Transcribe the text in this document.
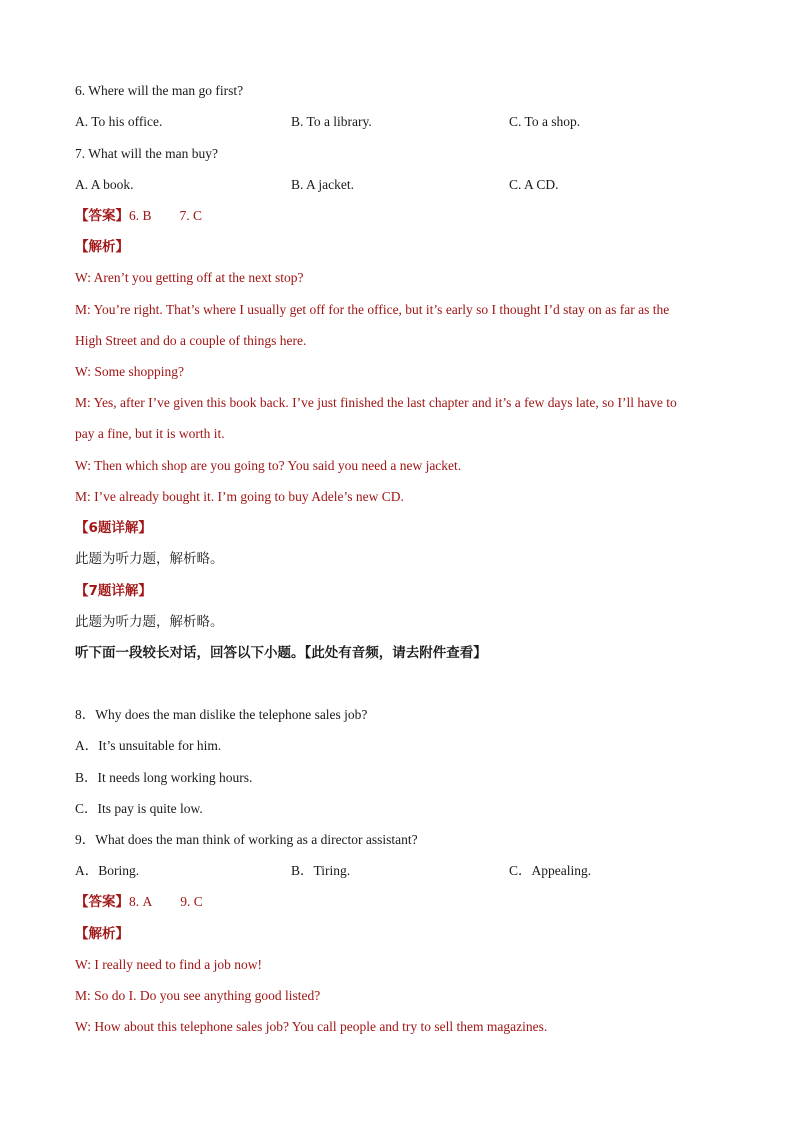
6. Where will the man go first?
A. To his office.	B. To a library.	C. To a shop.
7. What will the man buy?
A. A book.	B. A jacket.	C. A CD.
【答案】6. B 7. C
【解析】
W: Aren’t you getting off at the next stop?
M: You’re right. That’s where I usually get off for the office, but it’s early so I thought I’d stay on as far as the
High Street and do a couple of things here.
W: Some shopping?
M: Yes, after I’ve given this book back. I’ve just finished the last chapter and it’s a few days late, so I’ll have to
pay a fine, but it is worth it.
W: Then which shop are you going to? You said you need a new jacket.
M: I’ve already bought it. I’m going to buy Adele’s new CD.
【6题详解】
此题为听力题，解析略。
【7题详解】
此题为听力题，解析略。
听下面一段较长对话，回答以下小题。【此处有音频，请去附件查看】
8．Why does the man dislike the telephone sales job?
A．It’s unsuitable for him.
B．It needs long working hours.
C．Its pay is quite low.
9．What does the man think of working as a director assistant?
A．Boring.	B．Tiring.	C．Appealing.
【答案】8. A 9. C
【解析】
W: I really need to find a job now!
M: So do I. Do you see anything good listed?
W: How about this telephone sales job? You call people and try to sell them magazines.
